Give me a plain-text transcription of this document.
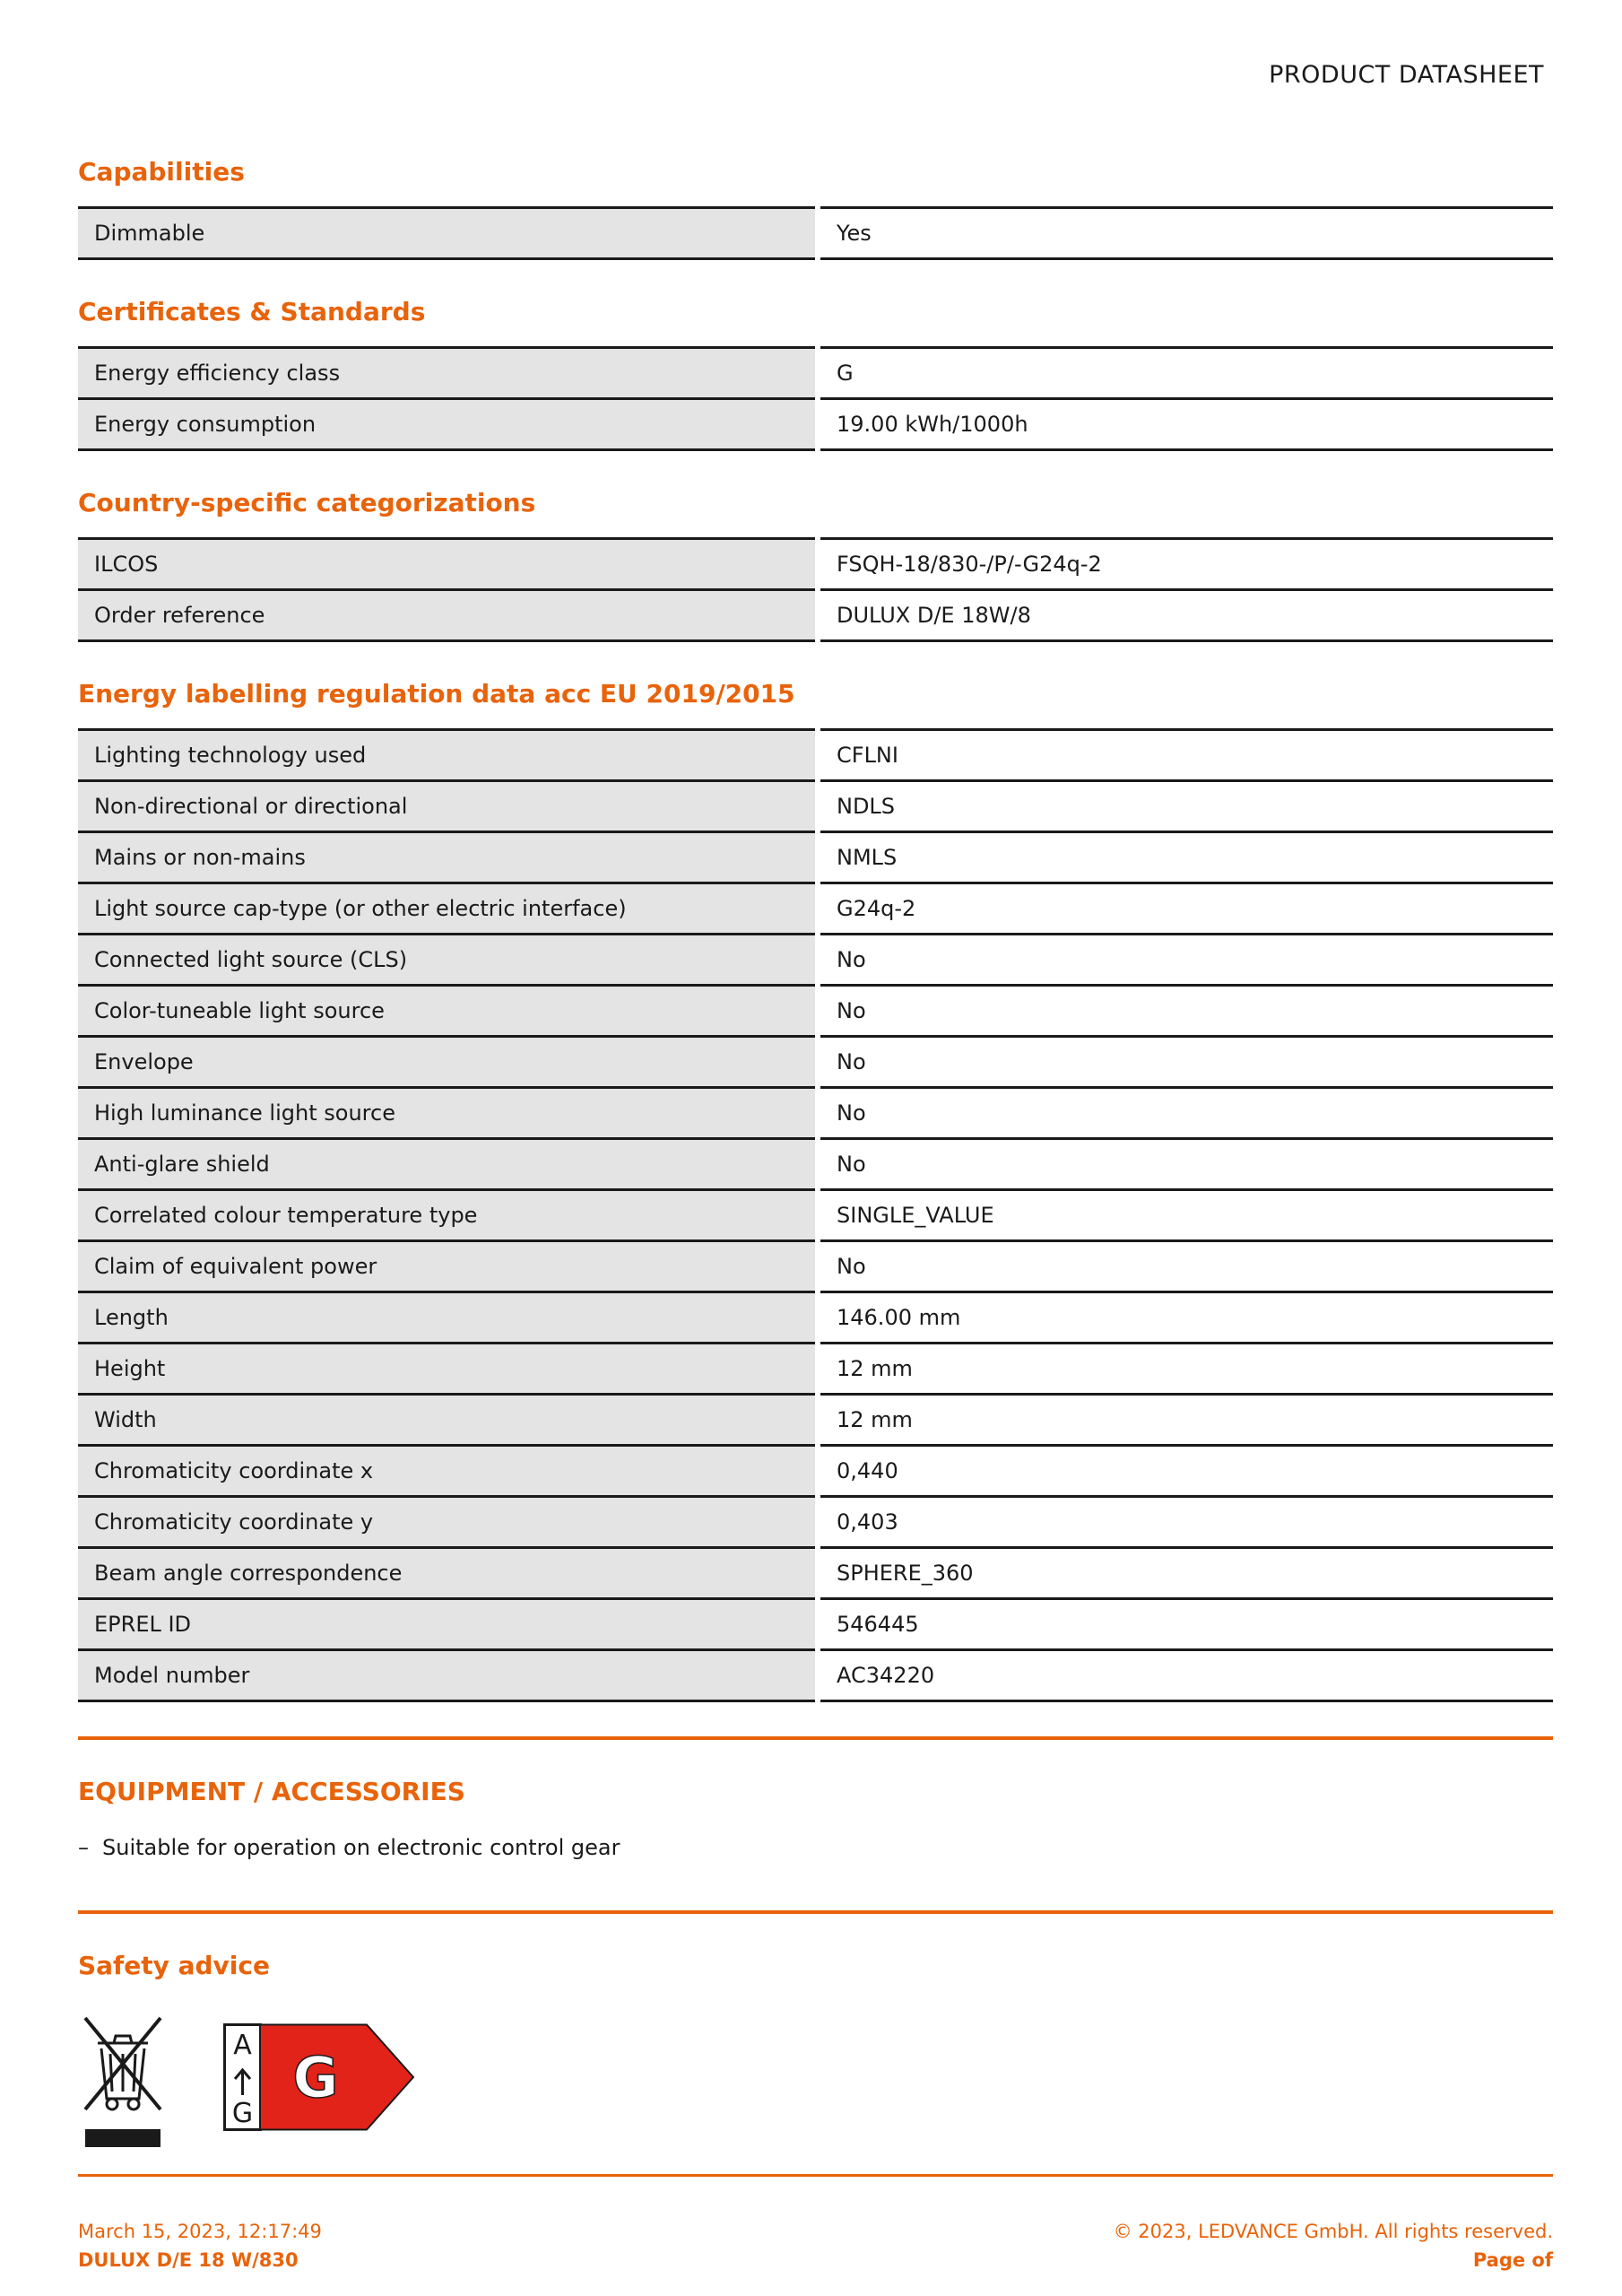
PRODUCT DATASHEET
Capabilities
Dimmable	Yes
Certificates & Standards
Energy efficiency class	G
Energy consumption	19.00 kWh/1000h
Country-specific categorizations
ILCOS	FSQH-18/830-/P/-G24q-2
Order reference	DULUX D/E 18W/8
Energy labelling regulation data acc EU 2019/2015
Lighting technology used	CFLNI
Non-directional or directional	NDLS
Mains or non-mains	NMLS
Light source cap-type (or other electric interface)	G24q-2
Connected light source (CLS)	No
Color-tuneable light source	No
Envelope	No
High luminance light source	No
Anti-glare shield	No
Correlated colour temperature type	SINGLE_VALUE
Claim of equivalent power	No
Length	146.00 mm
Height	12 mm
Width	12 mm
Chromaticity coordinate x	0,440
Chromaticity coordinate y	0,403
Beam angle correspondence	SPHERE_360
EPREL ID	546445
Model number	AC34220
EQUIPMENT / ACCESSORIES
– Suitable for operation on electronic control gear
Safety advice
A
G
G
March 15, 2023, 12:17:49	© 2023, LEDVANCE GmbH. All rights reserved.
DULUX D/E 18 W/830	Page of
